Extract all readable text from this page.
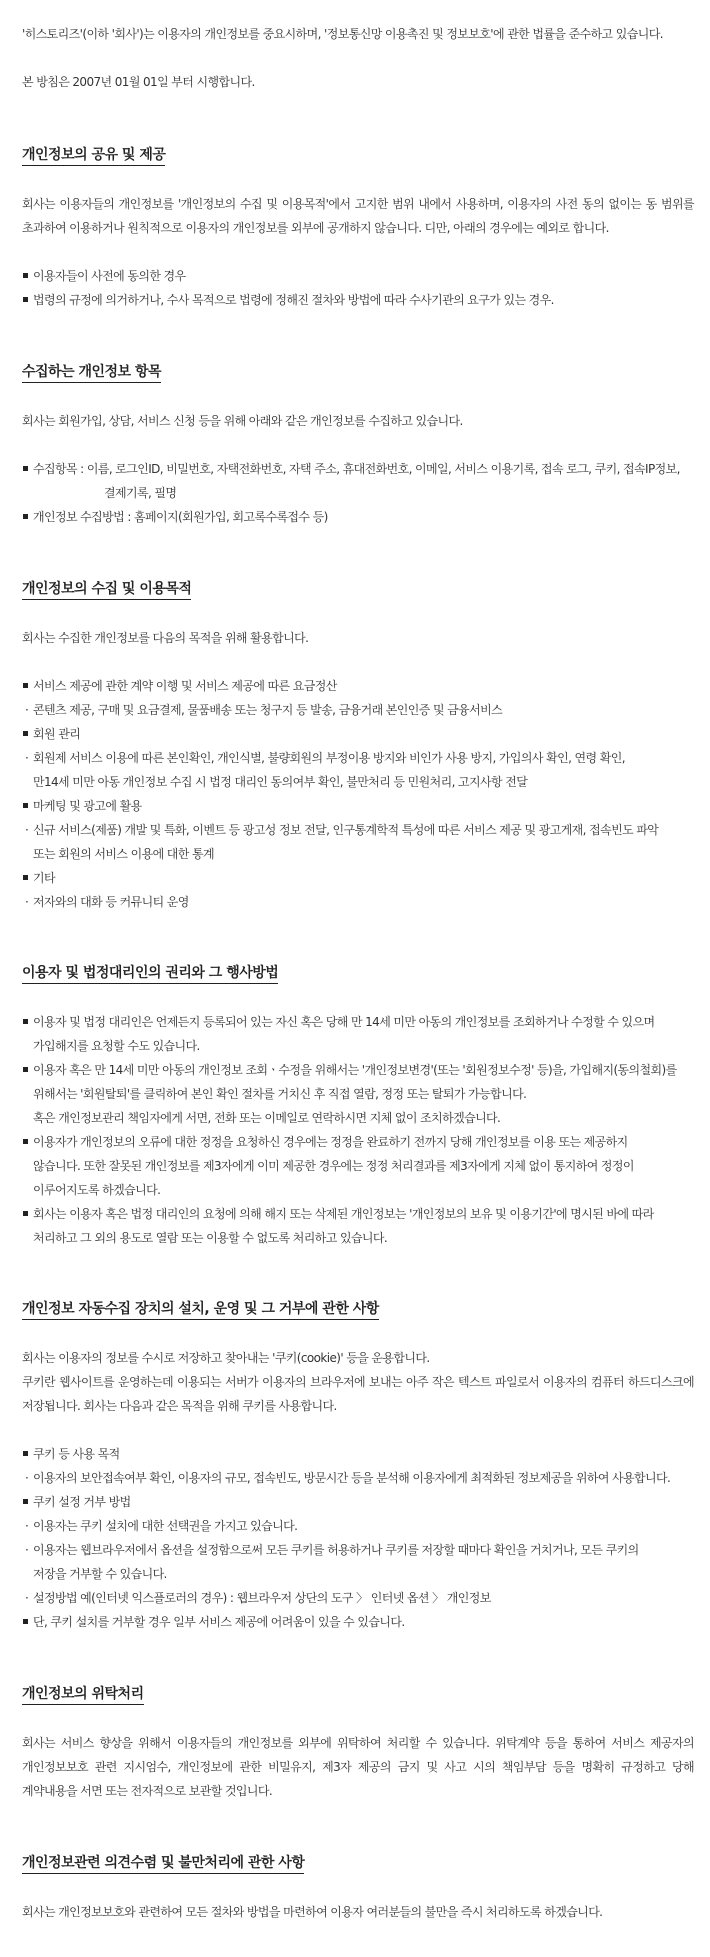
'히스토리즈'(이하 '회사')는 이용자의 개인정보를 중요시하며, '정보통신망 이용촉진 및 정보보호'에 관한 법률을 준수하고 있습니다.

본 방침은 2007년 01월 01일 부터 시행합니다.

개인정보의 공유 및 제공

회사는 이용자들의 개인정보를 '개인정보의 수집 및 이용목적'에서 고지한 범위 내에서 사용하며, 이용자의 사전 동의 없이는 동 범위를 초과하여 이용하거나 원칙적으로 이용자의 개인정보를 외부에 공개하지 않습니다. 디만, 아래의 경우에는 예외로 합니다.

이용자들이 사전에 동의한 경우

법령의 규정에 의거하거나, 수사 목적으로 법령에 정해진 절차와 방법에 따라 수사기관의 요구가 있는 경우.

수집하는 개인정보 항목

회사는 회원가입, 상담, 서비스 신청 등을 위해 아래와 같은 개인정보를 수집하고 있습니다.

수집항목 : 이름, 로그인ID, 비밀번호, 자택전화번호, 자택 주소, 휴대전화번호, 이메일, 서비스 이용기록, 접속 로그, 쿠키, 접속IP정보,
결제기록, 필명

개인정보 수집방법 : 홈페이지(회원가입, 회고록수록접수 등)

개인정보의 수집 및 이용목적

회사는 수집한 개인정보를 다음의 목적을 위해 활용합니다.

서비스 제공에 관한 계약 이행 및 서비스 제공에 따른 요금정산

· 콘텐츠 제공, 구매 및 요금결제, 물품배송 또는 청구지 등 발송, 금융거래 본인인증 및 금융서비스

회원 관리

· 회원제 서비스 이용에 따른 본인확인, 개인식별, 불량회원의 부정이용 방지와 비인가 사용 방지, 가입의사 확인, 연령 확인,
만14세 미만 아동 개인정보 수집 시 법정 대리인 동의여부 확인, 불만처리 등 민원처리, 고지사항 전달

마케팅 및 광고에 활용

· 신규 서비스(제품) 개발 및 특화, 이벤트 등 광고성 정보 전달, 인구통계학적 특성에 따른 서비스 제공 및 광고게재, 접속빈도 파악
또는 회원의 서비스 이용에 대한 통계

기타

· 저자와의 대화 등 커뮤니티 운영

이용자 및 법정대리인의 권리와 그 행사방법

이용자 및 법정 대리인은 언제든지 등록되어 있는 자신 혹은 당해 만 14세 미만 아동의 개인정보를 조회하거나 수정할 수 있으며
가입해지를 요청할 수도 있습니다.

이용자 혹은 만 14세 미만 아동의 개인정보 조회ㆍ수정을 위해서는 '개인정보변경'(또는 '회원정보수정' 등)을, 가입해지(동의철회)를
위해서는 '회원탈퇴'를 클릭하여 본인 확인 절차를 거치신 후 직접 열람, 정정 또는 탈퇴가 가능합니다.
혹은 개인정보관리 책임자에게 서면, 전화 또는 이메일로 연락하시면 지체 없이 조치하겠습니다.

이용자가 개인정보의 오류에 대한 정정을 요청하신 경우에는 정정을 완료하기 전까지 당해 개인정보를 이용 또는 제공하지
않습니다. 또한 잘못된 개인정보를 제3자에게 이미 제공한 경우에는 정정 처리결과를 제3자에게 지체 없이 통지하여 정정이
이루어지도록 하겠습니다.

회사는 이용자 혹은 법정 대리인의 요청에 의해 해지 또는 삭제된 개인정보는 '개인정보의 보유 및 이용기간'에 명시된 바에 따라
처리하고 그 외의 용도로 열람 또는 이용할 수 없도록 처리하고 있습니다.

개인정보 자동수집 장치의 설치, 운영 및 그 거부에 관한 사항

회사는 이용자의 정보를 수시로 저장하고 찾아내는 '쿠키(cookie)' 등을 운용합니다.

쿠키란 웹사이트를 운영하는데 이용되는 서버가 이용자의 브라우저에 보내는 아주 작은 텍스트 파일로서 이용자의 컴퓨터 하드디스크에 저장됩니다. 회사는 다음과 같은 목적을 위해 쿠키를 사용합니다.

쿠키 등 사용 목적

· 이용자의 보안접속여부 확인, 이용자의 규모, 접속빈도, 방문시간 등을 분석해 이용자에게 최적화된 정보제공을 위하여 사용합니다.

쿠키 설정 거부 방법

· 이용자는 쿠키 설치에 대한 선택권을 가지고 있습니다.

· 이용자는 웹브라우저에서 옵션을 설정함으로써 모든 쿠키를 허용하거나 쿠키를 저장할 때마다 확인을 거치거나, 모든 쿠키의
저장을 거부할 수 있습니다.

· 설정방법 예(인터넷 익스플로러의 경우) : 웹브라우저 상단의 도구 〉 인터넷 옵션 〉 개인정보

단, 쿠키 설치를 거부할 경우 일부 서비스 제공에 어려움이 있을 수 있습니다.

개인정보의 위탁처리

회사는 서비스 향상을 위해서 이용자들의 개인정보를 외부에 위탁하여 처리할 수 있습니다. 위탁계약 등을 통하여 서비스 제공자의 개인정보보호 관련 지시엄수, 개인정보에 관한 비밀유지, 제3자 제공의 금지 및 사고 시의 책임부담 등을 명확히 규정하고 당해 계약내용을 서면 또는 전자적으로 보관할 것입니다.

개인정보관련 의견수렴 및 불만처리에 관한 사항

회사는 개인정보보호와 관련하여 모든 절차와 방법을 마련하여 이용자 여러분들의 불만을 즉시 처리하도록 하겠습니다.
